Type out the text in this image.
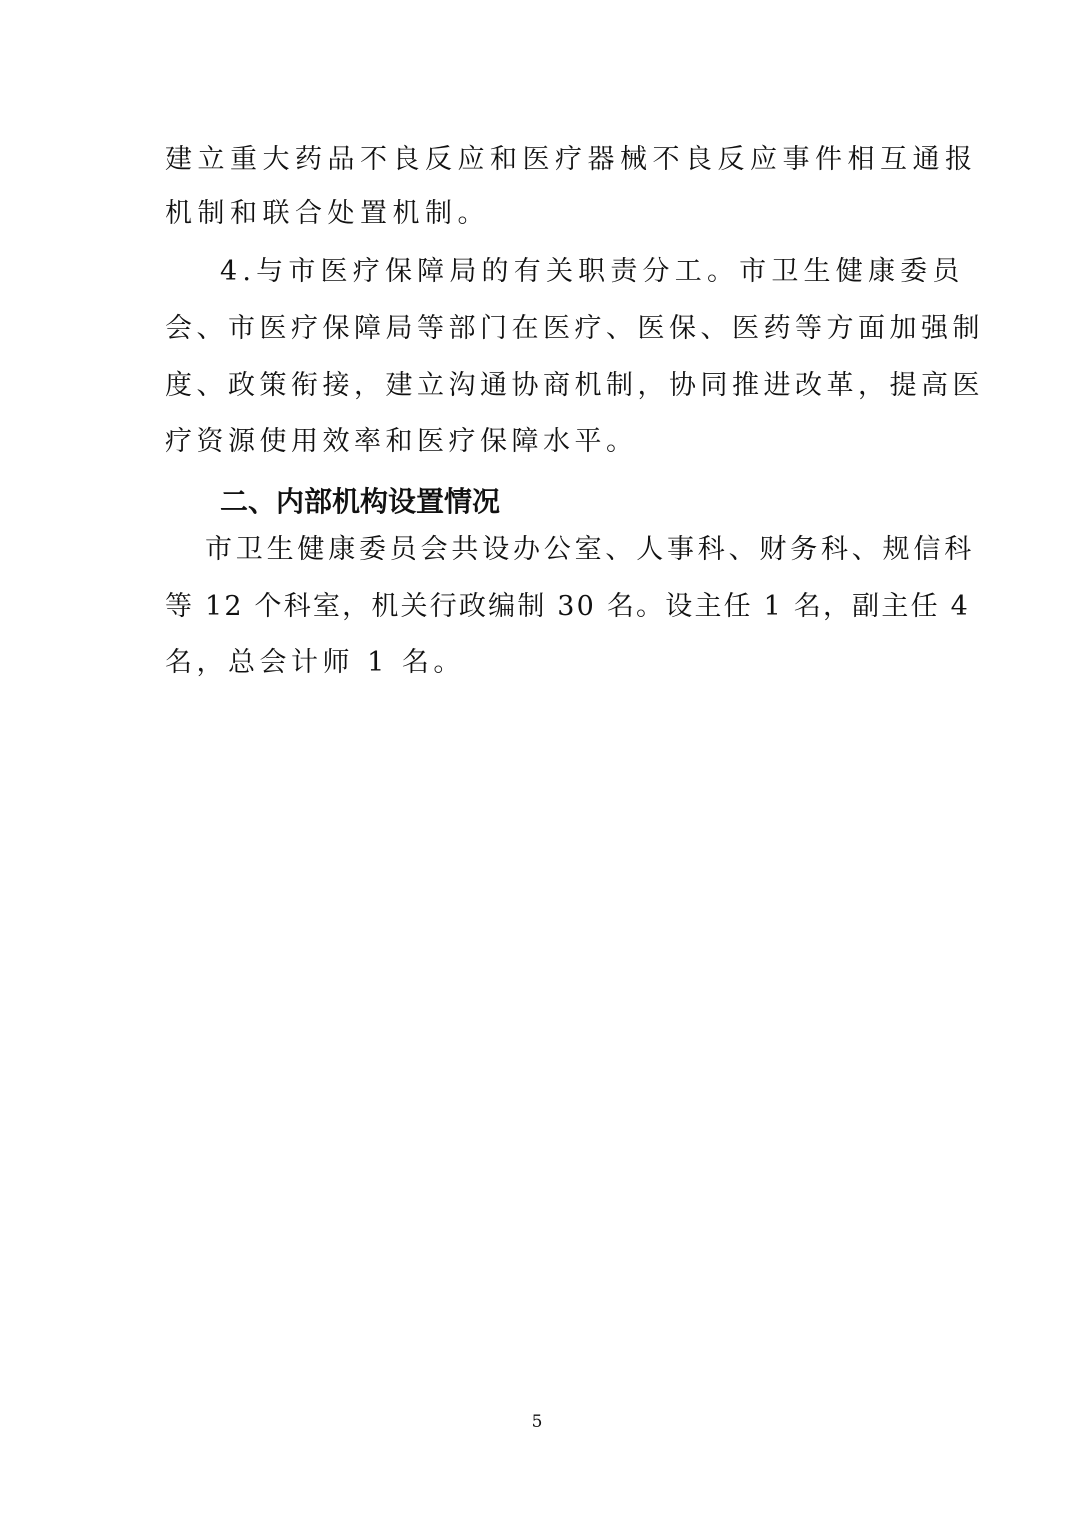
建立重大药品不良反应和医疗器械不良反应事件相互通报
机制和联合处置机制。
4.与市医疗保障局的有关职责分工。市卫生健康委员
会、市医疗保障局等部门在医疗、医保、医药等方面加强制
度、政策衔接，建立沟通协商机制，协同推进改革，提高医
疗资源使用效率和医疗保障水平。
二、内部机构设置情况
市卫生健康委员会共设办公室、人事科、财务科、规信科
等 12 个科室，机关行政编制 30 名。设主任 1 名，副主任 4
名，总会计师 1 名。
5
